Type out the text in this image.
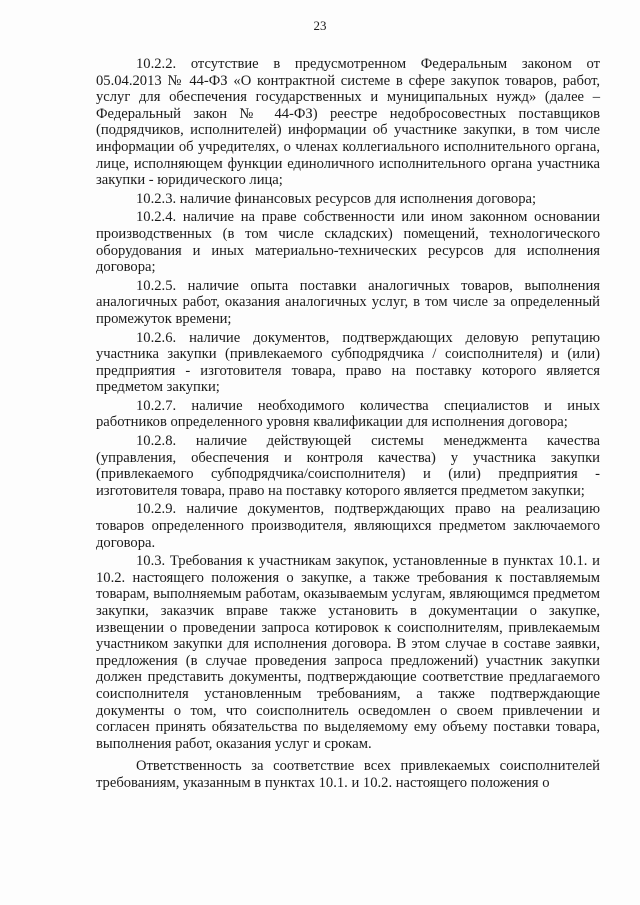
23

10.2.2. отсутствие в предусмотренном Федеральным законом от 05.04.2013 № 44-ФЗ «О контрактной системе в сфере закупок товаров, работ, услуг для обеспечения государственных и муниципальных нужд» (далее – Федеральный закон № 44-ФЗ) реестре недобросовестных поставщиков (подрядчиков, исполнителей) информации об участнике закупки, в том числе информации об учредителях, о членах коллегиального исполнительного органа, лице, исполняющем функции единоличного исполнительного органа участника закупки - юридического лица;

10.2.3. наличие финансовых ресурсов для исполнения договора;

10.2.4. наличие на праве собственности или ином законном основании производственных (в том числе складских) помещений, технологического оборудования и иных материально-технических ресурсов для исполнения договора;

10.2.5. наличие опыта поставки аналогичных товаров, выполнения аналогичных работ, оказания аналогичных услуг, в том числе за определенный промежуток времени;

10.2.6. наличие документов, подтверждающих деловую репутацию участника закупки (привлекаемого субподрядчика / соисполнителя) и (или) предприятия - изготовителя товара, право на поставку которого является предметом закупки;

10.2.7. наличие необходимого количества специалистов и иных работников определенного уровня квалификации для исполнения договора;

10.2.8. наличие действующей системы менеджмента качества (управления, обеспечения и контроля качества) у участника закупки (привлекаемого субподрядчика/соисполнителя) и (или) предприятия - изготовителя товара, право на поставку которого является предметом закупки;

10.2.9. наличие документов, подтверждающих право на реализацию товаров определенного производителя, являющихся предметом заключаемого договора.

10.3. Требования к участникам закупок, установленные в пунктах 10.1. и 10.2. настоящего положения о закупке, а также требования к поставляемым товарам, выполняемым работам, оказываемым услугам, являющимся предметом закупки, заказчик вправе также установить в документации о закупке, извещении о проведении запроса котировок к соисполнителям, привлекаемым участником закупки для исполнения договора. В этом случае в составе заявки, предложения (в случае проведения запроса предложений) участник закупки должен представить документы, подтверждающие соответствие предлагаемого соисполнителя установленным требованиям, а также подтверждающие документы о том, что соисполнитель осведомлен о своем привлечении и согласен принять обязательства по выделяемому ему объему поставки товара, выполнения работ, оказания услуг и срокам.

Ответственность за соответствие всех привлекаемых соисполнителей требованиям, указанным в пунктах 10.1. и 10.2. настоящего положения о
